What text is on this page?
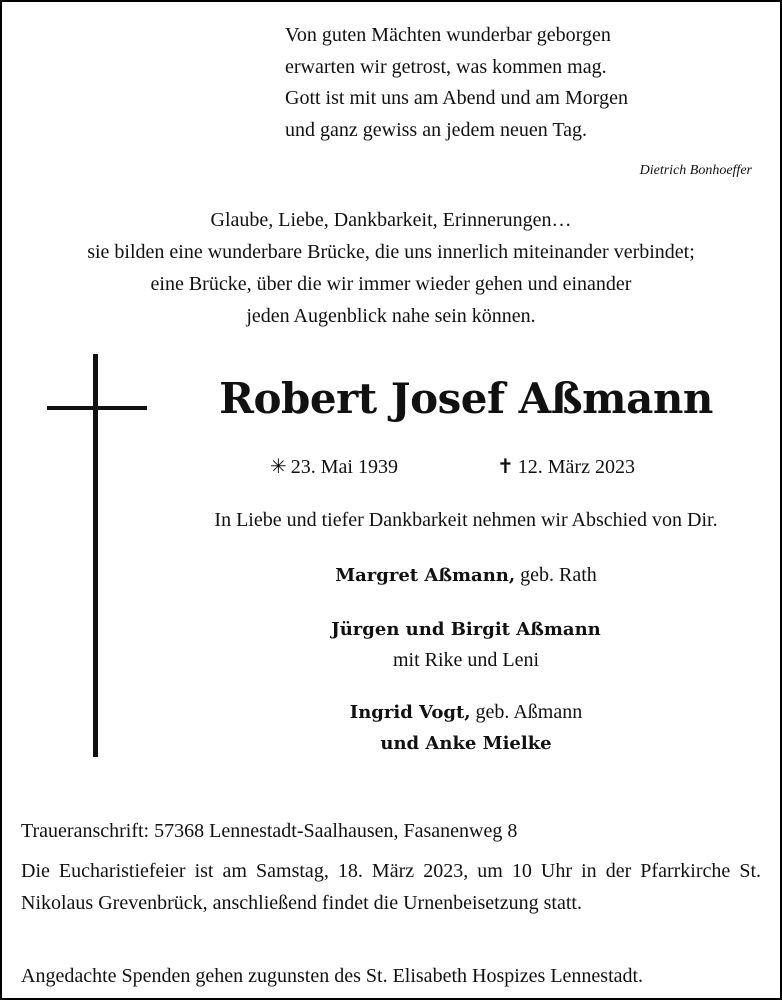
Von guten Mächten wunderbar geborgen
erwarten wir getrost, was kommen mag.
Gott ist mit uns am Abend und am Morgen
und ganz gewiss an jedem neuen Tag.
Dietrich Bonhoeffer
Glaube, Liebe, Dankbarkeit, Erinnerungen…
sie bilden eine wunderbare Brücke, die uns innerlich miteinander verbindet;
eine Brücke, über die wir immer wieder gehen und einander
jeden Augenblick nahe sein können.
Robert Josef Aßmann
✳ 23. Mai 1939	✝ 12. März 2023
In Liebe und tiefer Dankbarkeit nehmen wir Abschied von Dir.
Margret Aßmann, geb. Rath
Jürgen und Birgit Aßmann
mit Rike und Leni
Ingrid Vogt, geb. Aßmann
und Anke Mielke
Traueranschrift: 57368 Lennestadt-Saalhausen, Fasanenweg 8
Die Eucharistiefeier ist am Samstag, 18. März 2023, um 10 Uhr in der Pfarrkirche St. Nikolaus Grevenbrück, anschließend findet die Urnenbeisetzung statt.
Angedachte Spenden gehen zugunsten des St. Elisabeth Hospizes Lennestadt.
